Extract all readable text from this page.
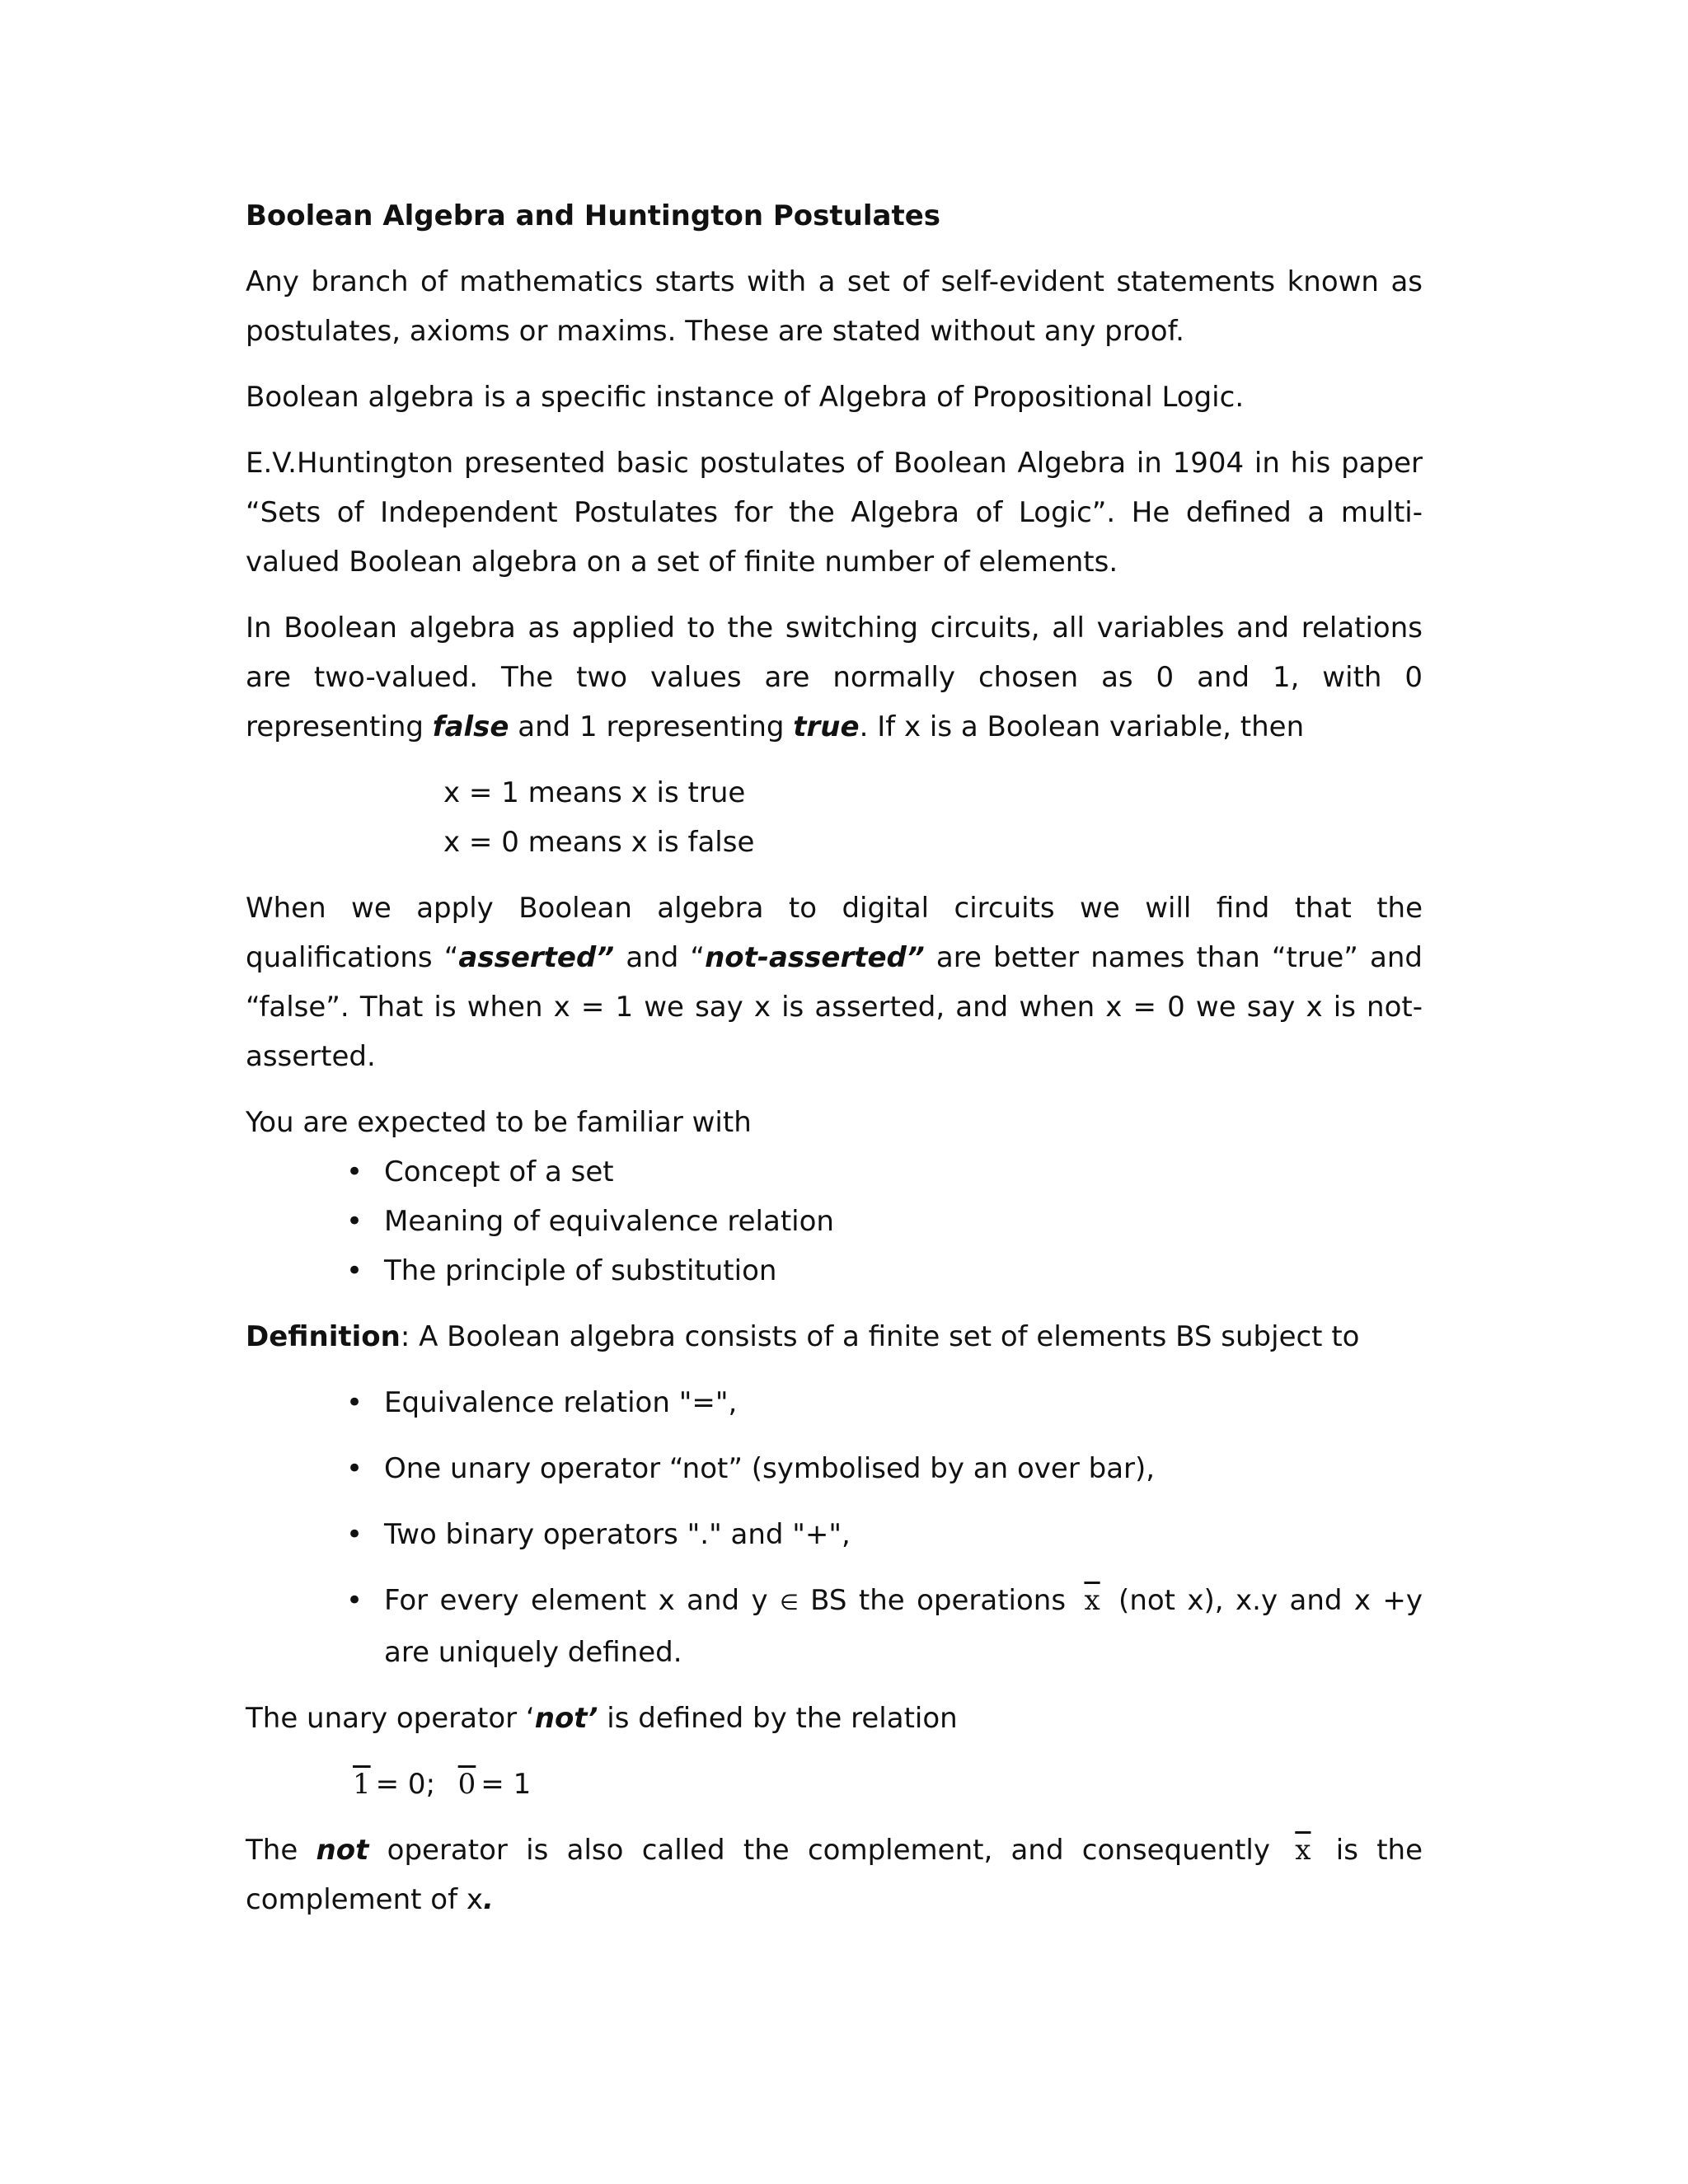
Boolean Algebra and Huntington Postulates

Any branch of mathematics starts with a set of self-evident statements known as postulates, axioms or maxims. These are stated without any proof.

Boolean algebra is a specific instance of Algebra of Propositional Logic.

E.V.Huntington presented basic postulates of Boolean Algebra in 1904 in his paper “Sets of Independent Postulates for the Algebra of Logic”. He defined a multi-valued Boolean algebra on a set of finite number of elements.

In Boolean algebra as applied to the switching circuits, all variables and relations are two-valued. The two values are normally chosen as 0 and 1, with 0 representing false and 1 representing true. If x is a Boolean variable, then

x = 1 means x is true
x = 0 means x is false

When we apply Boolean algebra to digital circuits we will find that the qualifications “asserted” and “not-asserted” are better names than “true” and “false”. That is when x = 1 we say x is asserted, and when x = 0 we say x is not-asserted.

You are expected to be familiar with
• Concept of a set
• Meaning of equivalence relation
• The principle of substitution

Definition: A Boolean algebra consists of a finite set of elements BS subject to

• Equivalence relation "=",
• One unary operator “not” (symbolised by an over bar),
• Two binary operators "." and "+",
• For every element x and y ∈ BS the operations $\overline{x}$ (not x), x.y and x +y are uniquely defined.
The unary operator ‘not’ is defined by the relation
1 = 0; 0 = 1

The not operator is also called the complement, and consequently $\overline{x}$ is the complement of x.
